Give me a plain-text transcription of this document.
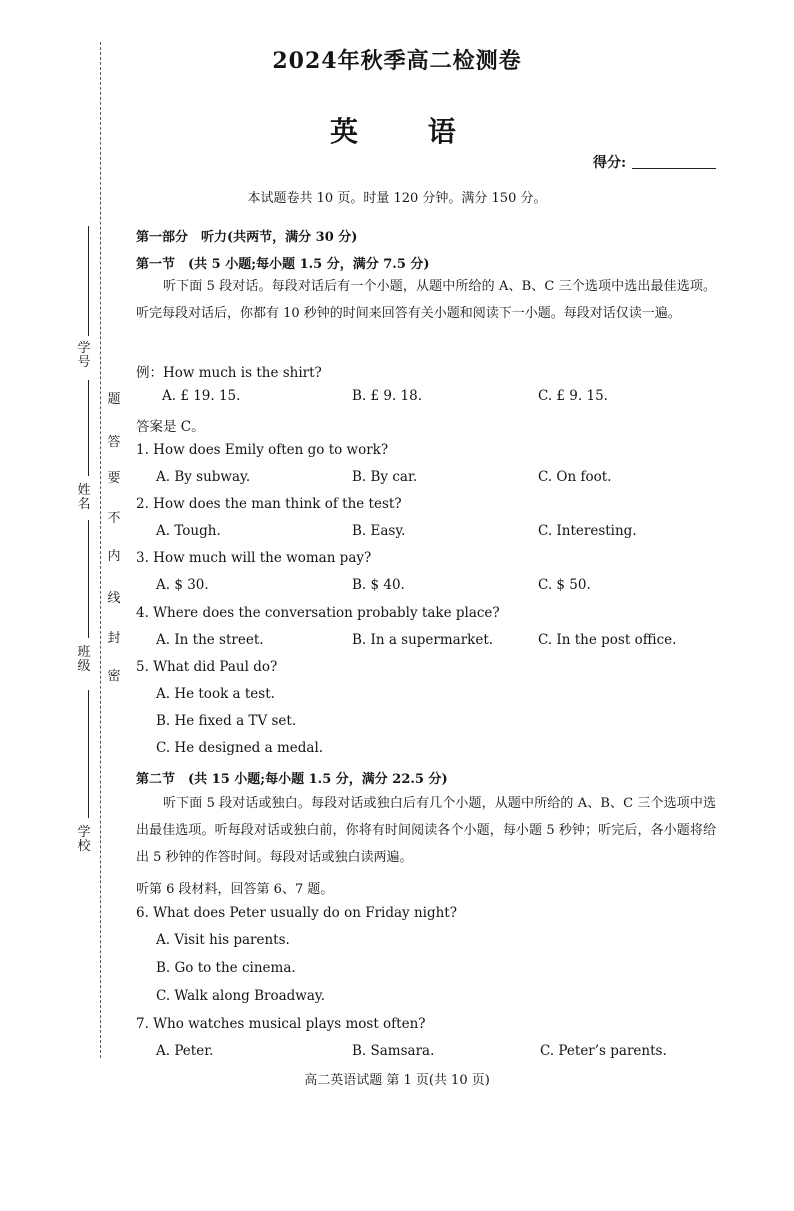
题
答
要
不
内
线
封
密
学号
姓名
班级
学校
2024年秋季高二检测卷
英 语
得分:
本试题卷共 10 页。时量 120 分钟。满分 150 分。
第一部分　听力(共两节，满分 30 分)
第一节　(共 5 小题;每小题 1.5 分，满分 7.5 分)
听下面 5 段对话。每段对话后有一个小题，从题中所给的 A、B、C 三个选项中选出最佳选项。听完每段对话后，你都有 10 秒钟的时间来回答有关小题和阅读下一小题。每段对话仅读一遍。
例：How much is the shirt?
A. £ 19. 15.	B. £ 9. 18.	C. £ 9. 15.
答案是 C。
1. How does Emily often go to work?
A. By subway.	B. By car.	C. On foot.
2. How does the man think of the test?
A. Tough.	B. Easy.	C. Interesting.
3. How much will the woman pay?
A. $ 30.	B. $ 40.	C. $ 50.
4. Where does the conversation probably take place?
A. In the street.	B. In a supermarket.	C. In the post office.
5. What did Paul do?
A. He took a test.
B. He fixed a TV set.
C. He designed a medal.
第二节　(共 15 小题;每小题 1.5 分，满分 22.5 分)
听下面 5 段对话或独白。每段对话或独白后有几个小题，从题中所给的 A、B、C 三个选项中选出最佳选项。听每段对话或独白前，你将有时间阅读各个小题，每小题 5 秒钟；听完后，各小题将给出 5 秒钟的作答时间。每段对话或独白读两遍。
听第 6 段材料，回答第 6、7 题。
6. What does Peter usually do on Friday night?
A. Visit his parents.
B. Go to the cinema.
C. Walk along Broadway.
7. Who watches musical plays most often?
A. Peter.	B. Samsara.	C. Peter’s parents.
高二英语试题 第 1 页(共 10 页)
